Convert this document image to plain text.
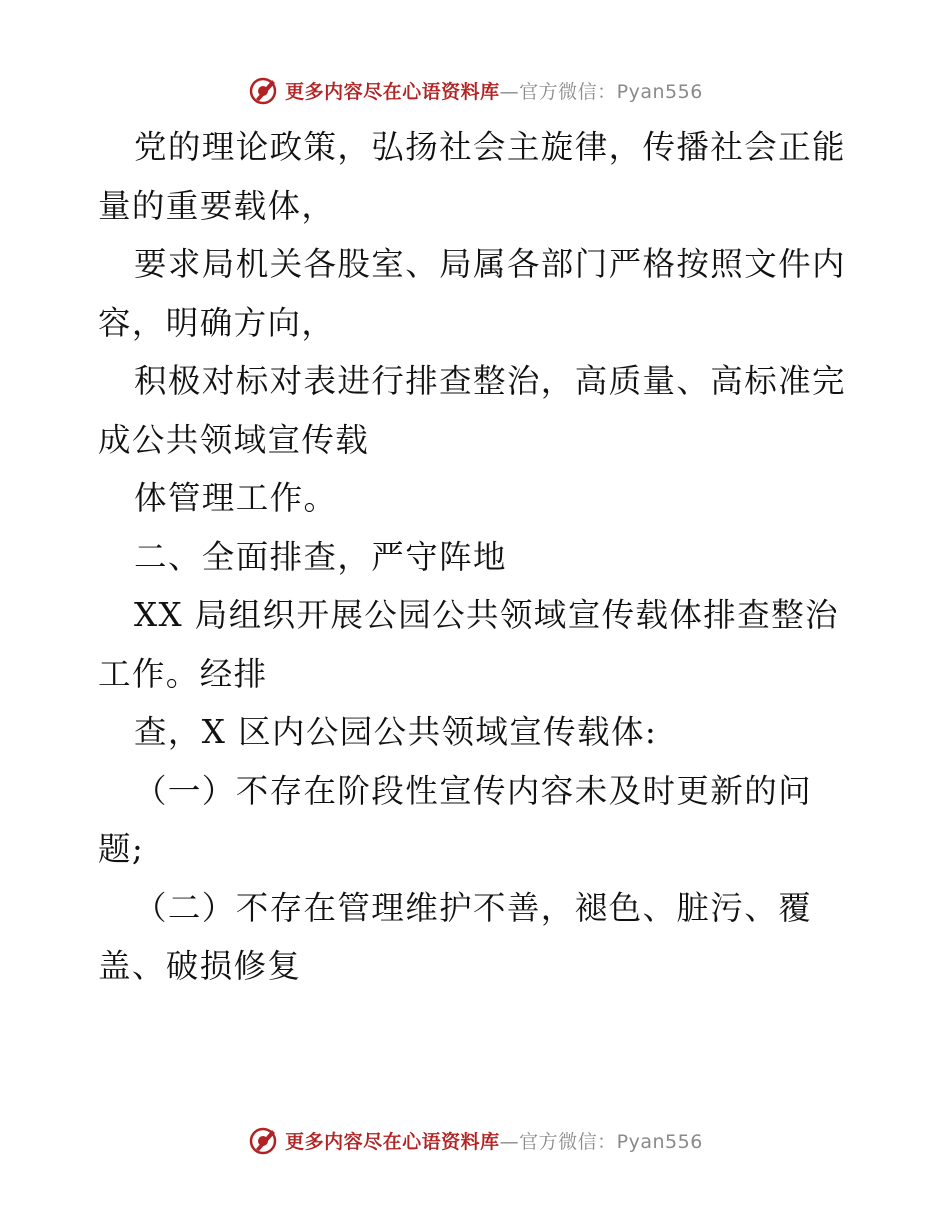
更多内容尽在心语资料库—官方微信：Pyan556
党的理论政策，弘扬社会主旋律，传播社会正能
量的重要载体，
要求局机关各股室、局属各部门严格按照文件内
容，明确方向，
积极对标对表进行排查整治，高质量、高标准完
成公共领域宣传载
体管理工作。
二、全面排查，严守阵地
XX 局组织开展公园公共领域宣传载体排查整治
工作。经排
查，X 区内公园公共领域宣传载体:
（一）不存在阶段性宣传内容未及时更新的问
题;
（二）不存在管理维护不善，褪色、脏污、覆
盖、破损修复
更多内容尽在心语资料库—官方微信：Pyan556
